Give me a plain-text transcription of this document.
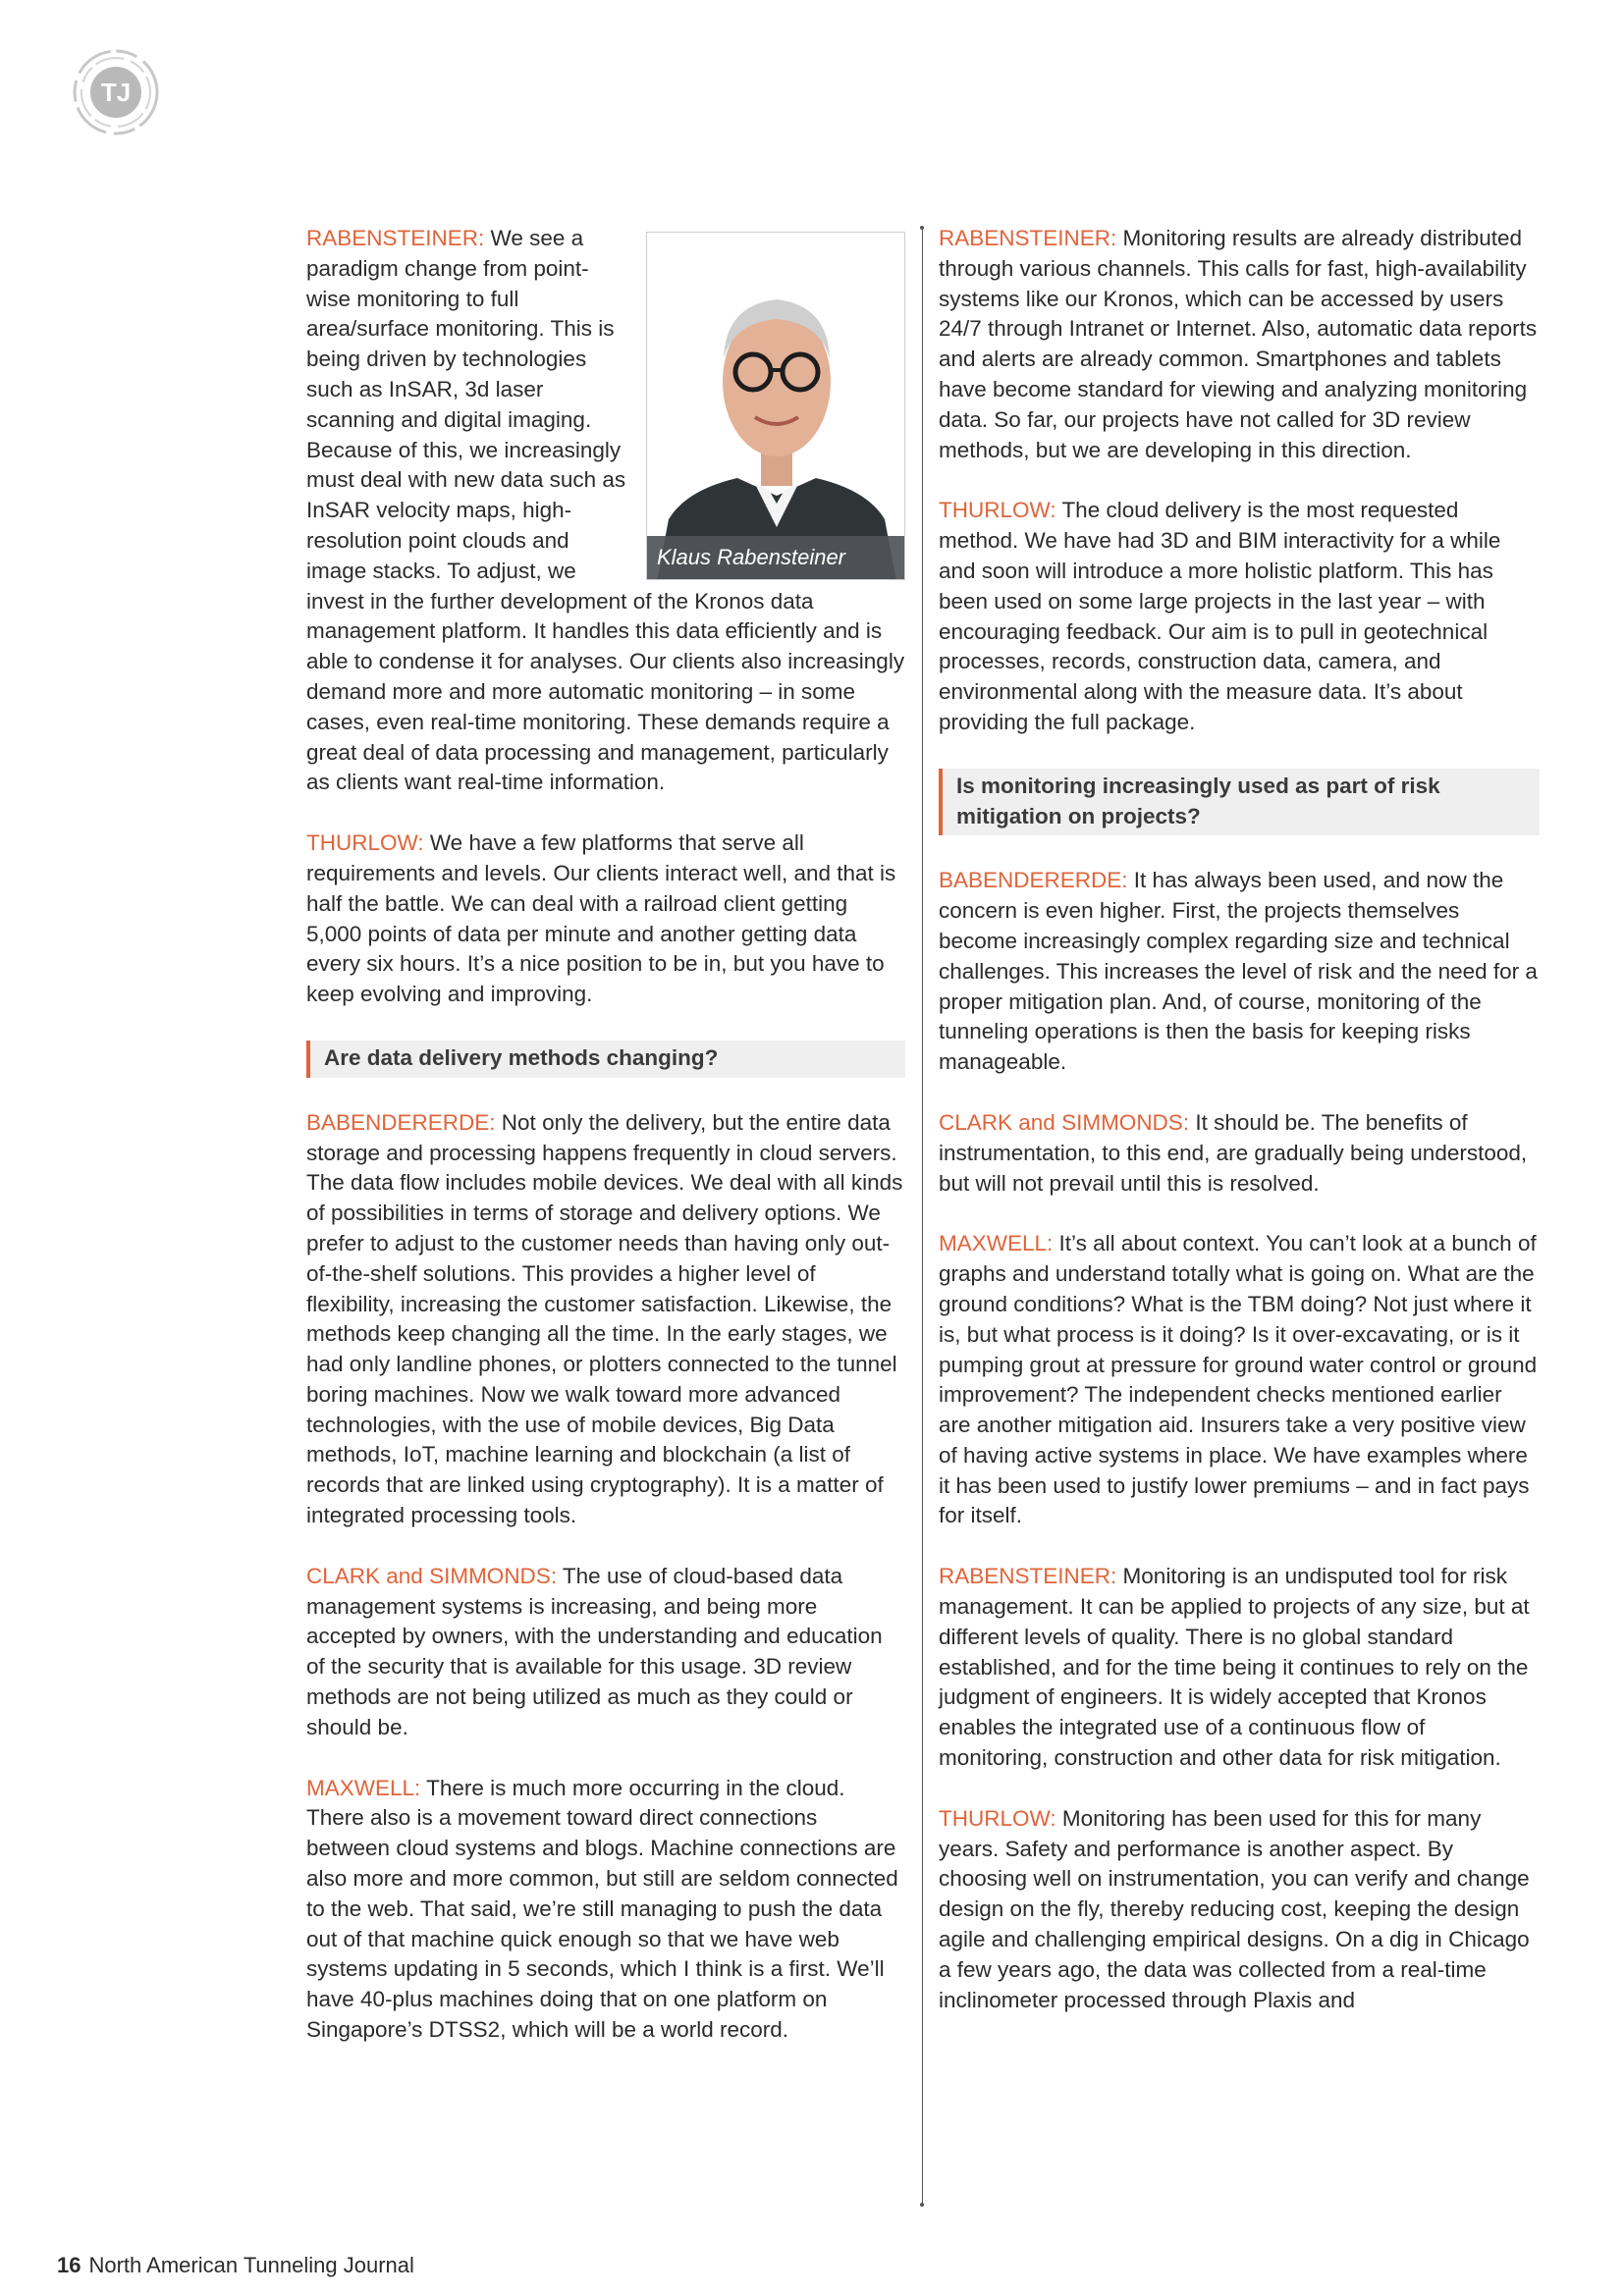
TJ
Klaus Rabensteiner

RABENSTEINER: We see a paradigm change from point-wise monitoring to full area/surface monitoring. This is being driven by technologies such as InSAR, 3d laser scanning and digital imaging. Because of this, we increasingly must deal with new data such as InSAR velocity maps, high-resolution point clouds and image stacks. To adjust, we invest in the further development of the Kronos data management platform. It handles this data efficiently and is able to condense it for analyses. Our clients also increasingly demand more and more automatic monitoring – in some cases, even real-time monitoring. These demands require a great deal of data processing and management, particularly as clients want real-time information.

THURLOW: We have a few platforms that serve all requirements and levels. Our clients interact well, and that is half the battle. We can deal with a railroad client getting 5,000 points of data per minute and another getting data every six hours. It’s a nice position to be in, but you have to keep evolving and improving.

Are data delivery methods changing?

BABENDERERDE: Not only the delivery, but the entire data storage and processing happens frequently in cloud servers. The data flow includes mobile devices. We deal with all kinds of possibilities in terms of storage and delivery options. We prefer to adjust to the customer needs than having only out-of-the-shelf solutions. This provides a higher level of flexibility, increasing the customer satisfaction. Likewise, the methods keep changing all the time. In the early stages, we had only landline phones, or plotters connected to the tunnel boring machines. Now we walk toward more advanced technologies, with the use of mobile devices, Big Data methods, IoT, machine learning and blockchain (a list of records that are linked using cryptography). It is a matter of integrated processing tools.

CLARK and SIMMONDS: The use of cloud-based data management systems is increasing, and being more accepted by owners, with the understanding and education of the security that is available for this usage. 3D review methods are not being utilized as much as they could or should be.

MAXWELL: There is much more occurring in the cloud. There also is a movement toward direct connections between cloud systems and blogs. Machine connections are also more and more common, but still are seldom connected to the web. That said, we’re still managing to push the data out of that machine quick enough so that we have web systems updating in 5 seconds, which I think is a first. We’ll have 40-plus machines doing that on one platform on Singapore’s DTSS2, which will be a world record.

RABENSTEINER: Monitoring results are already distributed through various channels. This calls for fast, high-availability systems like our Kronos, which can be accessed by users 24/7 through Intranet or Internet. Also, automatic data reports and alerts are already common. Smartphones and tablets have become standard for viewing and analyzing monitoring data. So far, our projects have not called for 3D review methods, but we are developing in this direction.

THURLOW: The cloud delivery is the most requested method. We have had 3D and BIM interactivity for a while and soon will introduce a more holistic platform. This has been used on some large projects in the last year – with encouraging feedback. Our aim is to pull in geotechnical processes, records, construction data, camera, and environmental along with the measure data. It’s about providing the full package.

Is monitoring increasingly used as part of risk mitigation on projects?

BABENDERERDE: It has always been used, and now the concern is even higher. First, the projects themselves become increasingly complex regarding size and technical challenges. This increases the level of risk and the need for a proper mitigation plan. And, of course, monitoring of the tunneling operations is then the basis for keeping risks manageable.

CLARK and SIMMONDS: It should be. The benefits of instrumentation, to this end, are gradually being understood, but will not prevail until this is resolved.

MAXWELL: It’s all about context. You can’t look at a bunch of graphs and understand totally what is going on. What are the ground conditions? What is the TBM doing? Not just where it is, but what process is it doing? Is it over-excavating, or is it pumping grout at pressure for ground water control or ground improvement? The independent checks mentioned earlier are another mitigation aid. Insurers take a very positive view of having active systems in place. We have examples where it has been used to justify lower premiums – and in fact pays for itself.

RABENSTEINER: Monitoring is an undisputed tool for risk management. It can be applied to projects of any size, but at different levels of quality. There is no global standard established, and for the time being it continues to rely on the judgment of engineers. It is widely accepted that Kronos enables the integrated use of a continuous flow of monitoring, construction and other data for risk mitigation.

THURLOW: Monitoring has been used for this for many years. Safety and performance is another aspect. By choosing well on instrumentation, you can verify and change design on the fly, thereby reducing cost, keeping the design agile and challenging empirical designs. On a dig in Chicago a few years ago, the data was collected from a real-time inclinometer processed through Plaxis and

16 North American Tunneling Journal
